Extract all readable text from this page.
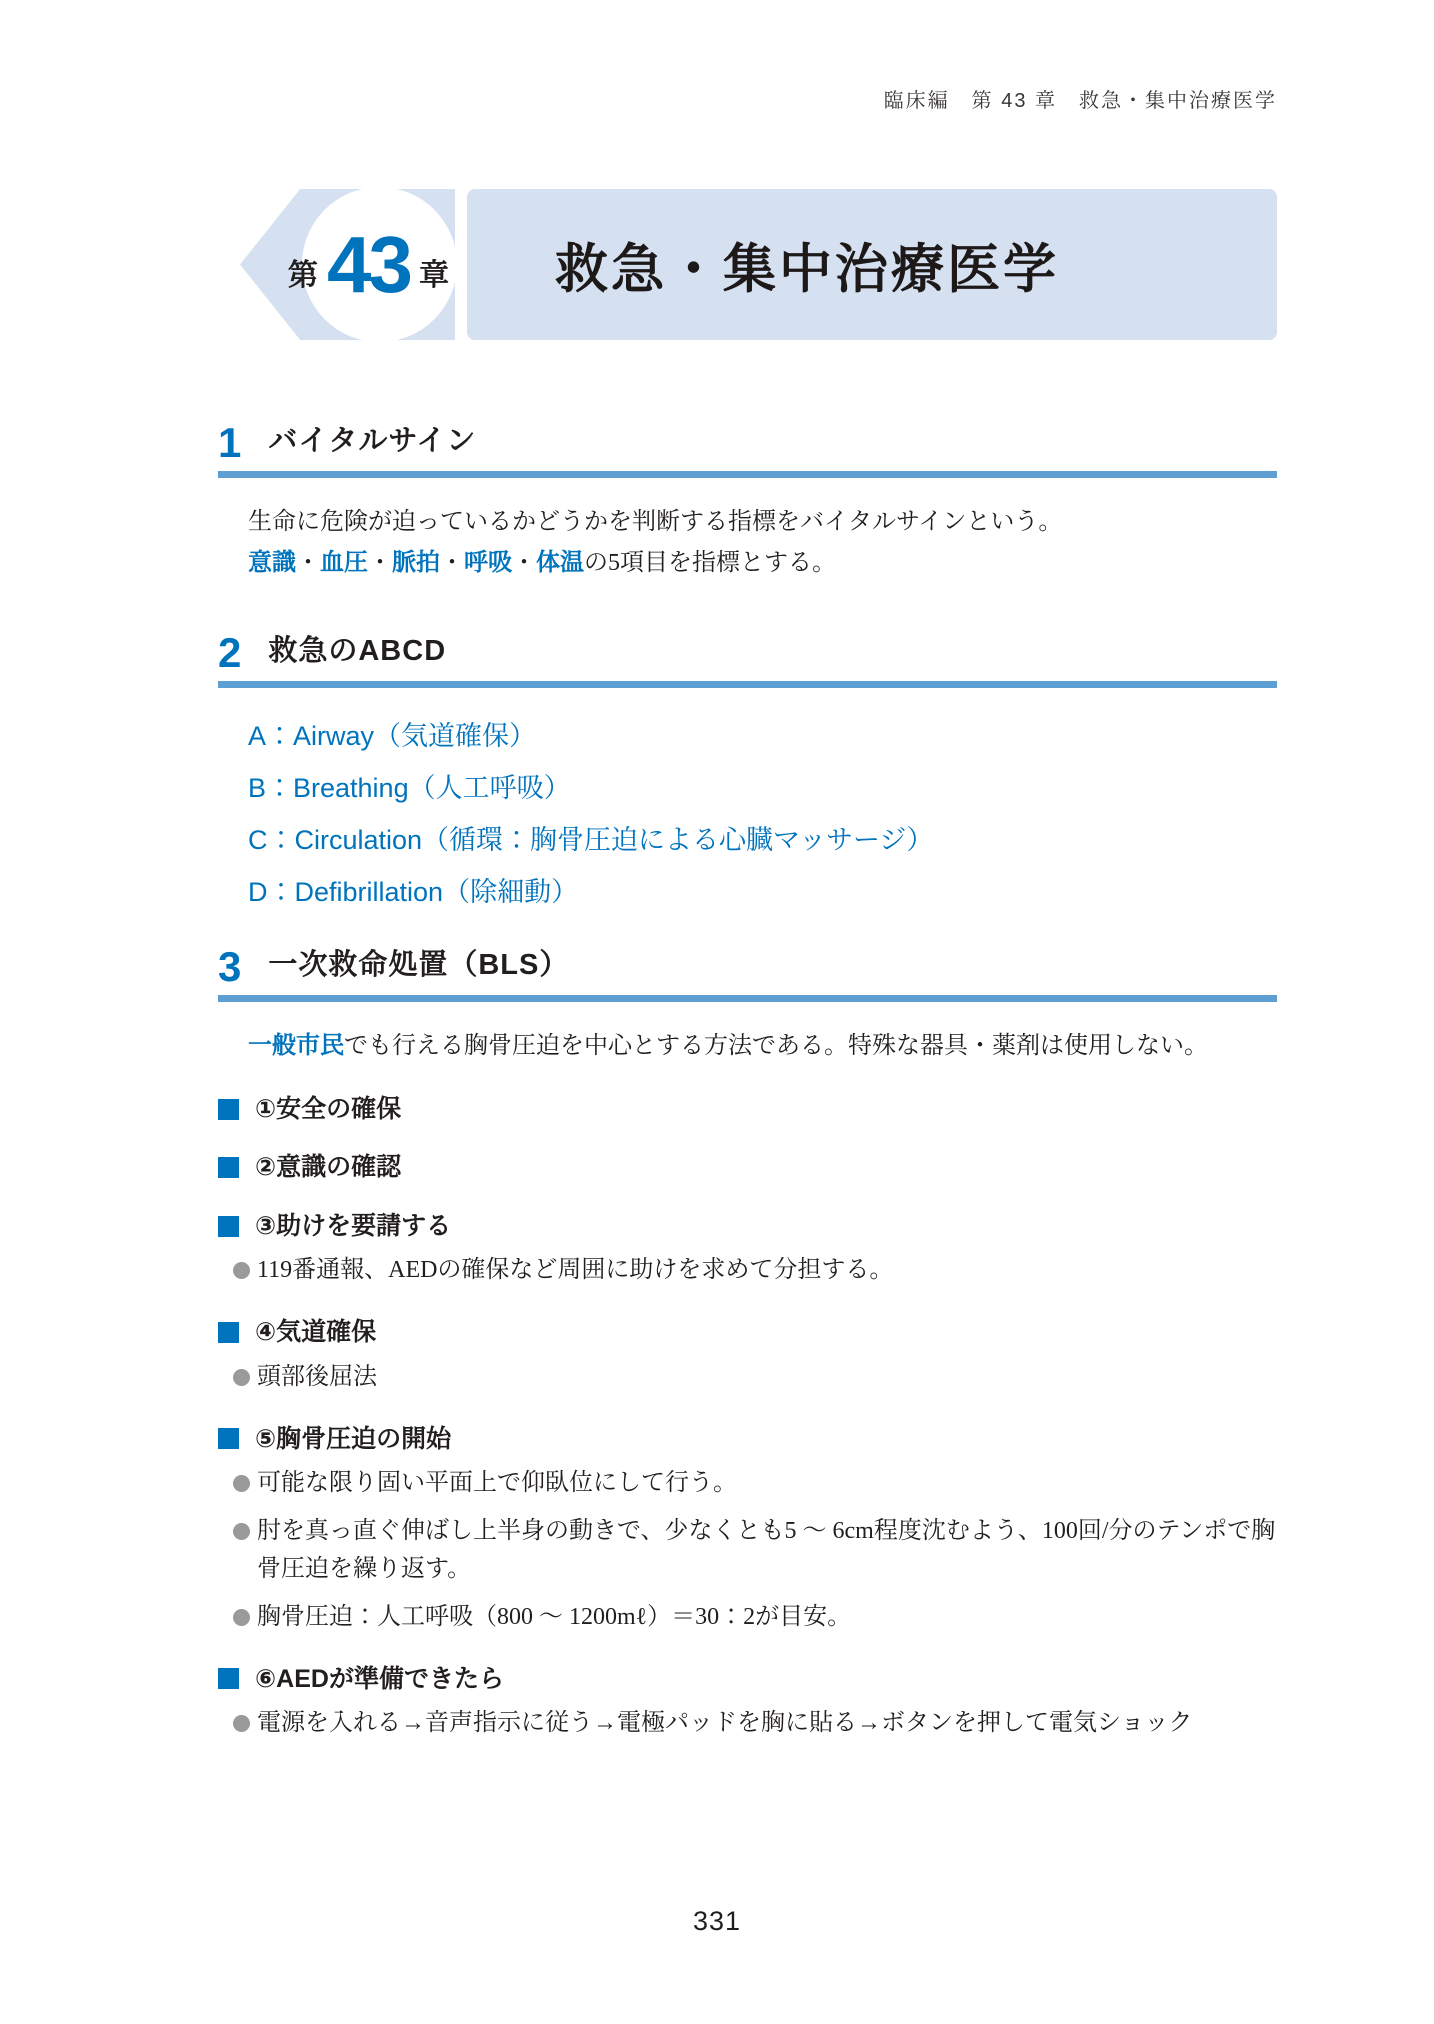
臨床編　第 43 章　救急・集中治療医学
第 43 章 救急・集中治療医学
1 バイタルサイン
生命に危険が迫っているかどうかを判断する指標をバイタルサインという。
意識・血圧・脈拍・呼吸・体温の5項目を指標とする。
2 救急のABCD
A：Airway（気道確保）
B：Breathing（人工呼吸）
C：Circulation（循環：胸骨圧迫による心臓マッサージ）
D：Defibrillation（除細動）
3 一次救命処置（BLS）
一般市民でも行える胸骨圧迫を中心とする方法である。特殊な器具・薬剤は使用しない。
①安全の確保
②意識の確認
③助けを要請する
119番通報、AEDの確保など周囲に助けを求めて分担する。
④気道確保
頭部後屈法
⑤胸骨圧迫の開始
可能な限り固い平面上で仰臥位にして行う。
肘を真っ直ぐ伸ばし上半身の動きで、少なくとも5 ～ 6cm程度沈むよう、100回/分のテンポで胸骨圧迫を繰り返す。
胸骨圧迫：人工呼吸（800 ～ 1200mℓ）＝30：2が目安。
⑥AEDが準備できたら
電源を入れる→音声指示に従う→電極パッドを胸に貼る→ボタンを押して電気ショック
331
